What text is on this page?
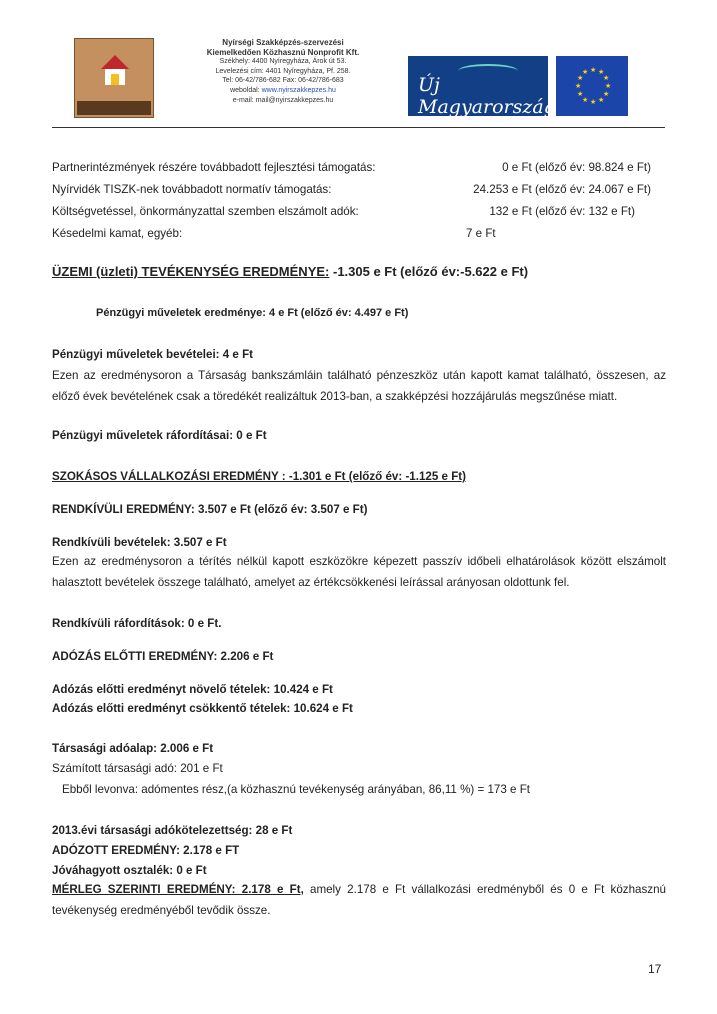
Nyírségi Szakképzés-szervezési
Kiemelkedően Közhasznú Nonprofit Kft.
Székhely: 4400 Nyíregyháza, Árok út 53.
Levelezési cím: 4401 Nyíregyháza, Pf. 258.
Tel: 06-42/786-682 Fax: 06-42/786-683
weboldal: www.nyirszakkepzes.hu
e-mail: mail@nyirszakkepzes.hu
Új Magyarország
★ ★
★
★
★
★
★
★
★
★
★
★
Partnerintézmények részére továbbadott fejlesztési támogatás:	0 e Ft (előző év: 98.824 e Ft)
Nyírvidék TISZK-nek továbbadott normatív támogatás:	24.253 e Ft (előző év: 24.067 e Ft)
Költségvetéssel, önkormányzattal szemben elszámolt adók:	132 e Ft (előző év: 132 e Ft)
Késedelmi kamat, egyéb:	7 e Ft
ÜZEMI (üzleti) TEVÉKENYSÉG EREDMÉNYE: -1.305 e Ft (előző év:-5.622 e Ft)
Pénzügyi műveletek eredménye: 4 e Ft (előző év: 4.497 e Ft)
Pénzügyi műveletek bevételei: 4 e Ft
Ezen az eredménysoron a Társaság bankszámláin található pénzeszköz után kapott kamat található, összesen, az előző évek bevételének csak a töredékét realizáltuk 2013-ban, a szakképzési hozzájárulás megszűnése miatt.
Pénzügyi műveletek ráfordításai: 0 e Ft
SZOKÁSOS VÁLLALKOZÁSI EREDMÉNY : -1.301 e Ft (előző év: -1.125 e Ft)
RENDKÍVÜLI EREDMÉNY: 3.507 e Ft (előző év: 3.507 e Ft)
Rendkívüli bevételek: 3.507 e Ft
Ezen az eredménysoron a térítés nélkül kapott eszközökre képezett passzív időbeli elhatárolások között elszámolt halasztott bevételek összege található, amelyet az értékcsökkenési leírással arányosan oldottunk fel.
Rendkívüli ráfordítások: 0 e Ft.
ADÓZÁS ELŐTTI EREDMÉNY: 2.206 e Ft
Adózás előtti eredményt növelő tételek: 10.424 e Ft
Adózás előtti eredményt csökkentő tételek: 10.624 e Ft
Társasági adóalap: 2.006 e Ft
Számított társasági adó: 201 e Ft
Ebből levonva: adómentes rész,(a közhasznú tevékenység arányában, 86,11 %) = 173 e Ft
2013.évi társasági adókötelezettség: 28 e Ft
ADÓZOTT EREDMÉNY: 2.178 e FT
Jóváhagyott osztalék: 0 e Ft
MÉRLEG SZERINTI EREDMÉNY: 2.178 e Ft, amely 2.178 e Ft vállalkozási eredményből és 0 e Ft közhasznú tevékenység eredményéből tevődik össze.
17
